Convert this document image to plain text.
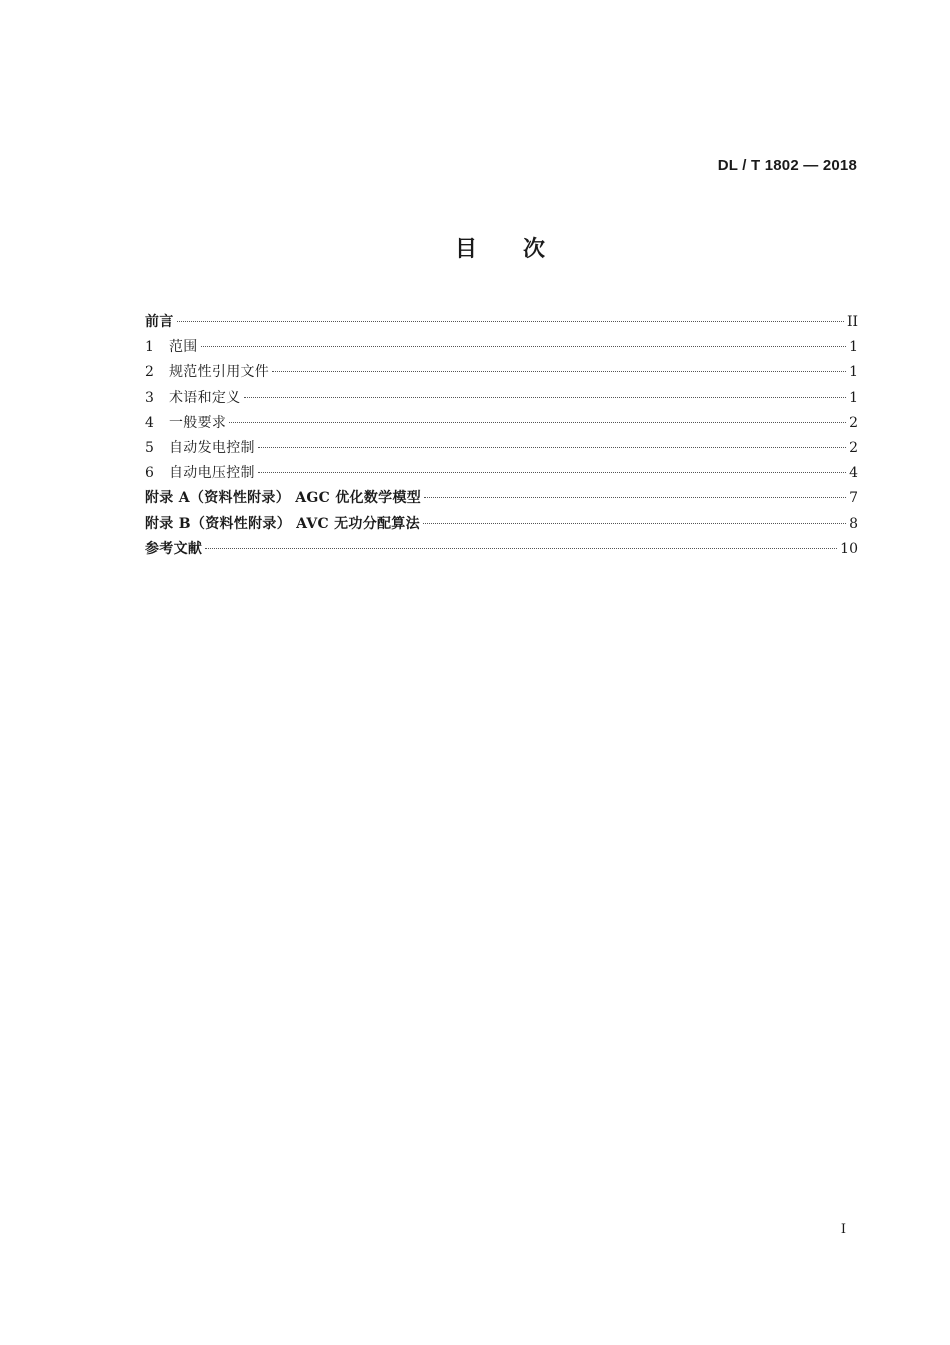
DL / T 1802 — 2018
目 次
前言	II
1	范围	1
2	规范性引用文件	1
3	术语和定义	1
4	一般要求	2
5	自动发电控制	2
6	自动电压控制	4
附录 A（资料性附录） AGC 优化数学模型	7
附录 B（资料性附录） AVC 无功分配算法	8
参考文献	10
I
